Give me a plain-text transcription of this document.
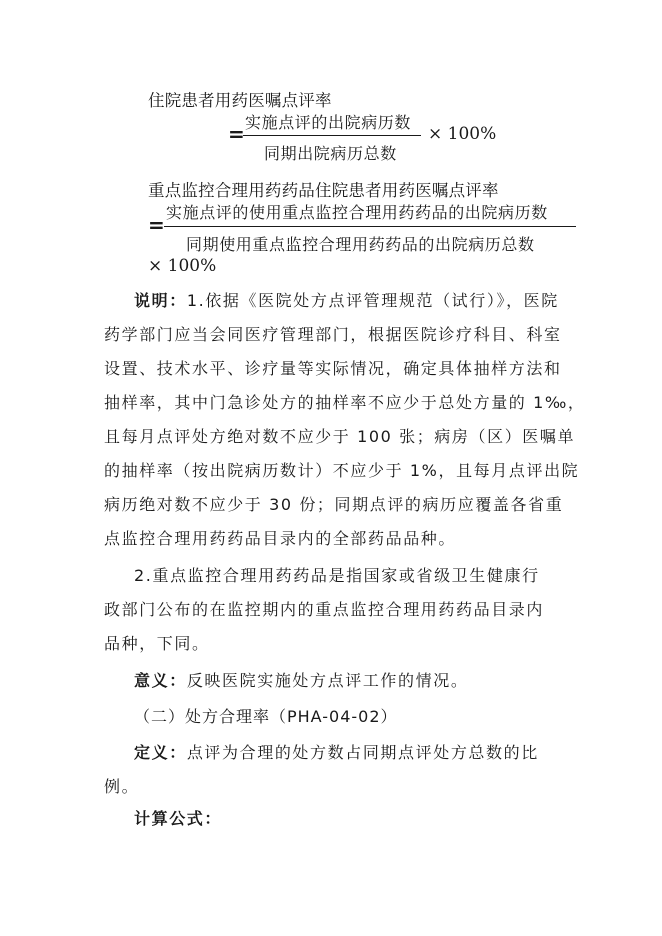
住院患者用药医嘱点评率
= 实施点评的出院病历数
同期出院病历总数
× 100%
重点监控合理用药药品住院患者用药医嘱点评率
=
实施点评的使用重点监控合理用药药品的出院病历数
同期使用重点监控合理用药药品的出院病历总数
× 100%
说明：1.依据《医院处方点评管理规范（试行）》，医院
药学部门应当会同医疗管理部门，根据医院诊疗科目、科室
设置、技术水平、诊疗量等实际情况，确定具体抽样方法和
抽样率，其中门急诊处方的抽样率不应少于总处方量的 1‰，
且每月点评处方绝对数不应少于 100 张；病房（区）医嘱单
的抽样率（按出院病历数计）不应少于 1%，且每月点评出院
病历绝对数不应少于 30 份；同期点评的病历应覆盖各省重
点监控合理用药药品目录内的全部药品品种。
2.重点监控合理用药药品是指国家或省级卫生健康行
政部门公布的在监控期内的重点监控合理用药药品目录内
品种，下同。
意义：反映医院实施处方点评工作的情况。
（二）处方合理率（PHA-04-02）
定义：点评为合理的处方数占同期点评处方总数的比
例。
计算公式：
